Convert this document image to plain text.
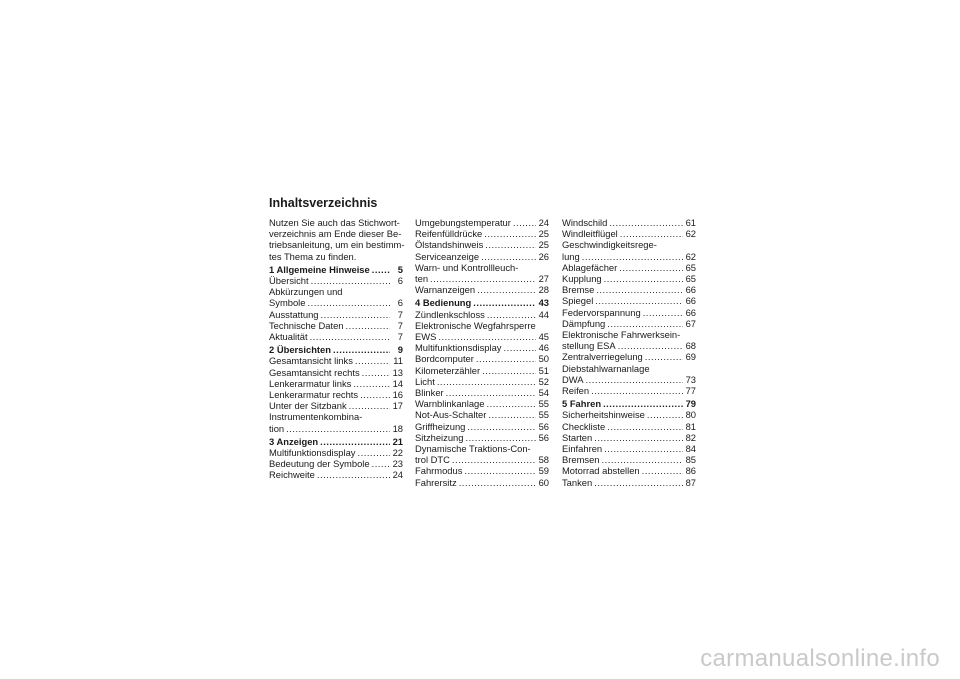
Inhaltsverzeichnis
Nutzen Sie auch das Stichwort-
verzeichnis am Ende dieser Be-
triebsanleitung, um ein bestimm-
tes Thema zu finden.
1 Allgemeine Hinweise .....	5
Übersicht .....	6
Abkürzungen und
Symbole .....	6
Ausstattung .....	7
Technische Daten .....	7
Aktualität .....	7
2 Übersichten .....	9
Gesamtansicht links .....	11
Gesamtansicht rechts .....	13
Lenkerarmatur links .....	14
Lenkerarmatur rechts .....	16
Unter der Sitzbank .....	17
Instrumentenkombina-
tion .....	18
3 Anzeigen .....	21
Multifunktionsdisplay .....	22
Bedeutung der Symbole ..... 23
Reichweite .....	24
Umgebungstemperatur .....	24
Reifenfülldrücke .....	25
Ölstandshinweis .....	25
Serviceanzeige .....	26
Warn- und Kontrollleuch-
ten .....	27
Warnanzeigen .....	28
4 Bedienung .....	43
Zündlenkschloss .....	44
Elektronische Wegfahrsperre
EWS .....	45
Multifunktionsdisplay .....	46
Bordcomputer .....	50
Kilometerzähler .....	51
Licht .....	52
Blinker .....	54
Warnblinkanlage .....	55
Not-Aus-Schalter .....	55
Griffheizung .....	56
Sitzheizung .....	56
Dynamische Traktions-Con-
trol DTC .....	58
Fahrmodus .....	59
Fahrersitz .....	60
Windschild .....	61
Windleitflügel .....	62
Geschwindigkeitsrege-
lung .....	62
Ablagefächer .....	65
Kupplung .....	65
Bremse .....	66
Spiegel .....	66
Federvorspannung .....	66
Dämpfung .....	67
Elektronische Fahrwerksein-
stellung ESA .....	68
Zentralverriegelung .....	69
Diebstahlwarnanlage
DWA .....	73
Reifen .....	77
5 Fahren .....	79
Sicherheitshinweise .....	80
Checkliste .....	81
Starten .....	82
Einfahren .....	84
Bremsen .....	85
Motorrad abstellen .....	86
Tanken .....	87
carmanualsonline.info
